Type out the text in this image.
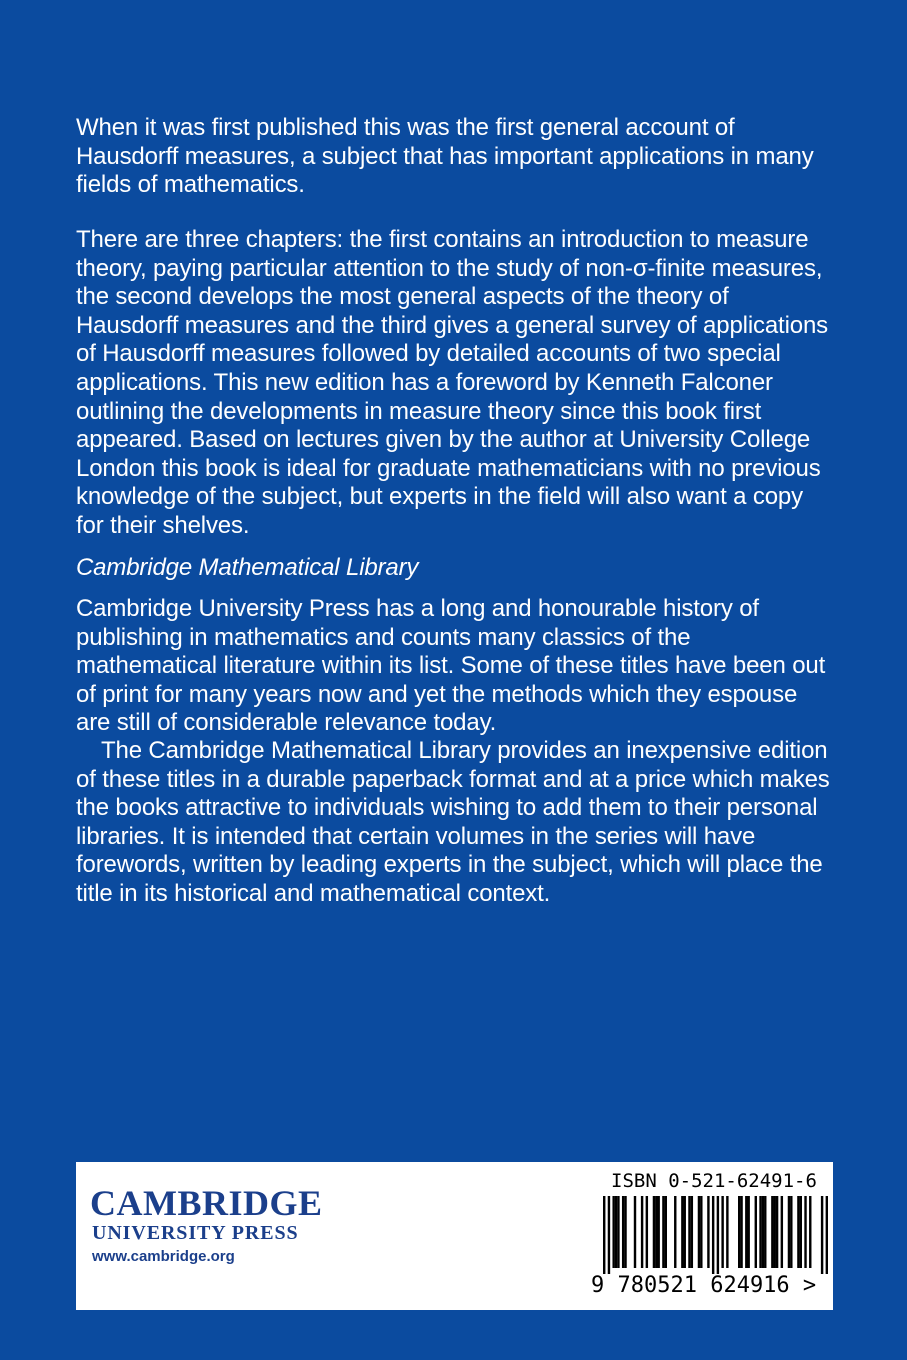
When it was first published this was the first general account of Hausdorff measures, a subject that has important applications in many fields of mathematics.

There are three chapters: the first contains an introduction to measure theory, paying particular attention to the study of non-σ-finite measures, the second develops the most general aspects of the theory of Hausdorff measures and the third gives a general survey of applications of Hausdorff measures followed by detailed accounts of two special applications. This new edition has a foreword by Kenneth Falconer outlining the developments in measure theory since this book first appeared. Based on lectures given by the author at University College London this book is ideal for graduate mathematicians with no previous knowledge of the subject, but experts in the field will also want a copy for their shelves.

Cambridge Mathematical Library

Cambridge University Press has a long and honourable history of publishing in mathematics and counts many classics of the mathematical literature within its list. Some of these titles have been out of print for many years now and yet the methods which they espouse are still of considerable relevance today.

The Cambridge Mathematical Library provides an inexpensive edition of these titles in a durable paperback format and at a price which makes the books attractive to individuals wishing to add them to their personal libraries. It is intended that certain volumes in the series will have forewords, written by leading experts in the subject, which will place the title in its historical and mathematical context.

CAMBRIDGE
UNIVERSITY PRESS
www.cambridge.org
ISBN 0-521-62491-6
9 780521 624916 >
